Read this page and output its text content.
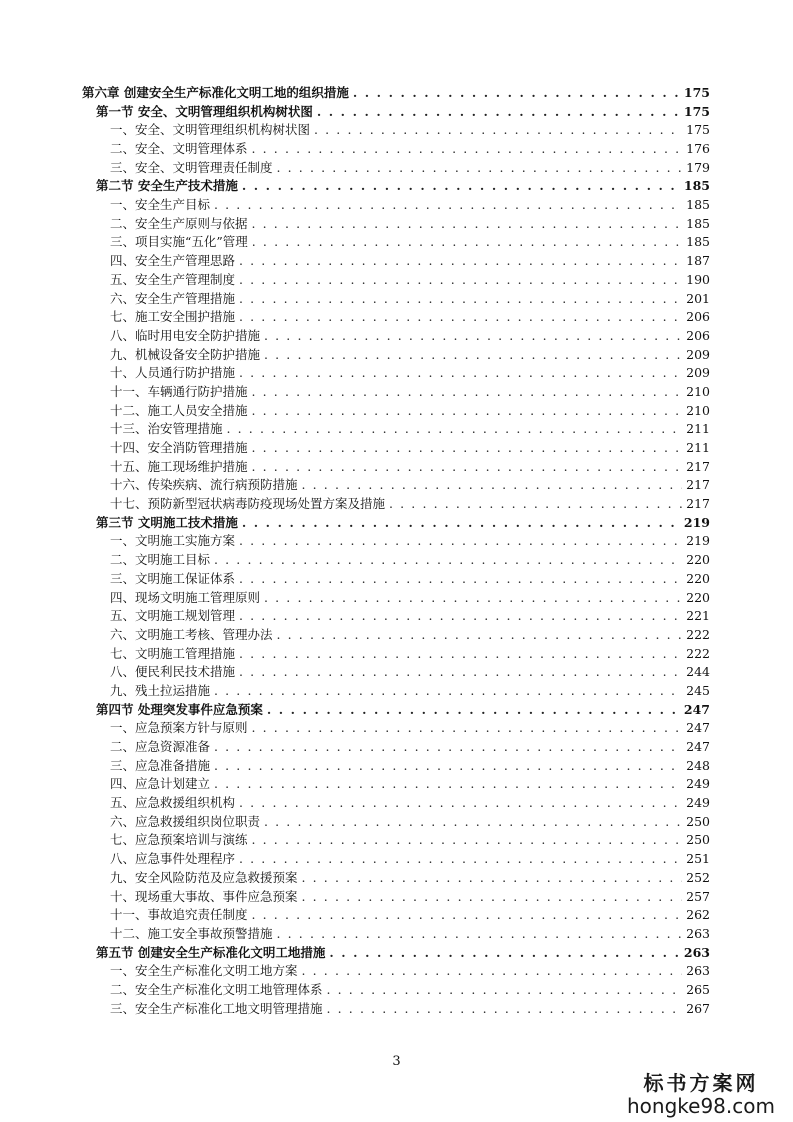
第六章 创建安全生产标准化文明工地的组织措施 . . .	175
第一节 安全、文明管理组织机构树状图 . . .	175
一、安全、文明管理组织机构树状图 . . .	175
二、安全、文明管理体系 . . .	176
三、安全、文明管理责任制度 . . .	179
第二节 安全生产技术措施 . . .	185
一、安全生产目标 . . .	185
二、安全生产原则与依据 . . .	185
三、项目实施“五化”管理 . . .	185
四、安全生产管理思路 . . .	187
五、安全生产管理制度 . . .	190
六、安全生产管理措施 . . .	201
七、施工安全围护措施 . . .	206
八、临时用电安全防护措施 . . .	206
九、机械设备安全防护措施 . . .	209
十、人员通行防护措施 . . .	209
十一、车辆通行防护措施 . . .	210
十二、施工人员安全措施 . . .	210
十三、治安管理措施 . . .	211
十四、安全消防管理措施 . . .	211
十五、施工现场维护措施 . . .	217
十六、传染疾病、流行病预防措施 . . .	217
十七、预防新型冠状病毒防疫现场处置方案及措施 . . .	217
第三节 文明施工技术措施 . . .	219
一、文明施工实施方案 . . .	219
二、文明施工目标 . . .	220
三、文明施工保证体系 . . .	220
四、现场文明施工管理原则 . . .	220
五、文明施工规划管理 . . .	221
六、文明施工考核、管理办法 . . .	222
七、文明施工管理措施 . . .	222
八、便民利民技术措施 . . .	244
九、残土拉运措施 . . .	245
第四节 处理突发事件应急预案 . . .	247
一、应急预案方针与原则 . . .	247
二、应急资源准备 . . .	247
三、应急准备措施 . . .	248
四、应急计划建立 . . .	249
五、应急救援组织机构 . . .	249
六、应急救援组织岗位职责 . . .	250
七、应急预案培训与演练 . . .	250
八、应急事件处理程序 . . .	251
九、安全风险防范及应急救援预案 . . .	252
十、现场重大事故、事件应急预案 . . .	257
十一、事故追究责任制度 . . .	262
十二、施工安全事故预警措施 . . .	263
第五节 创建安全生产标准化文明工地措施 . . .	263
一、安全生产标准化文明工地方案 . . .	263
二、安全生产标准化文明工地管理体系 . . .	265
三、安全生产标准化工地文明管理措施 . . .	267
3
标书方案网
hongke98.com
